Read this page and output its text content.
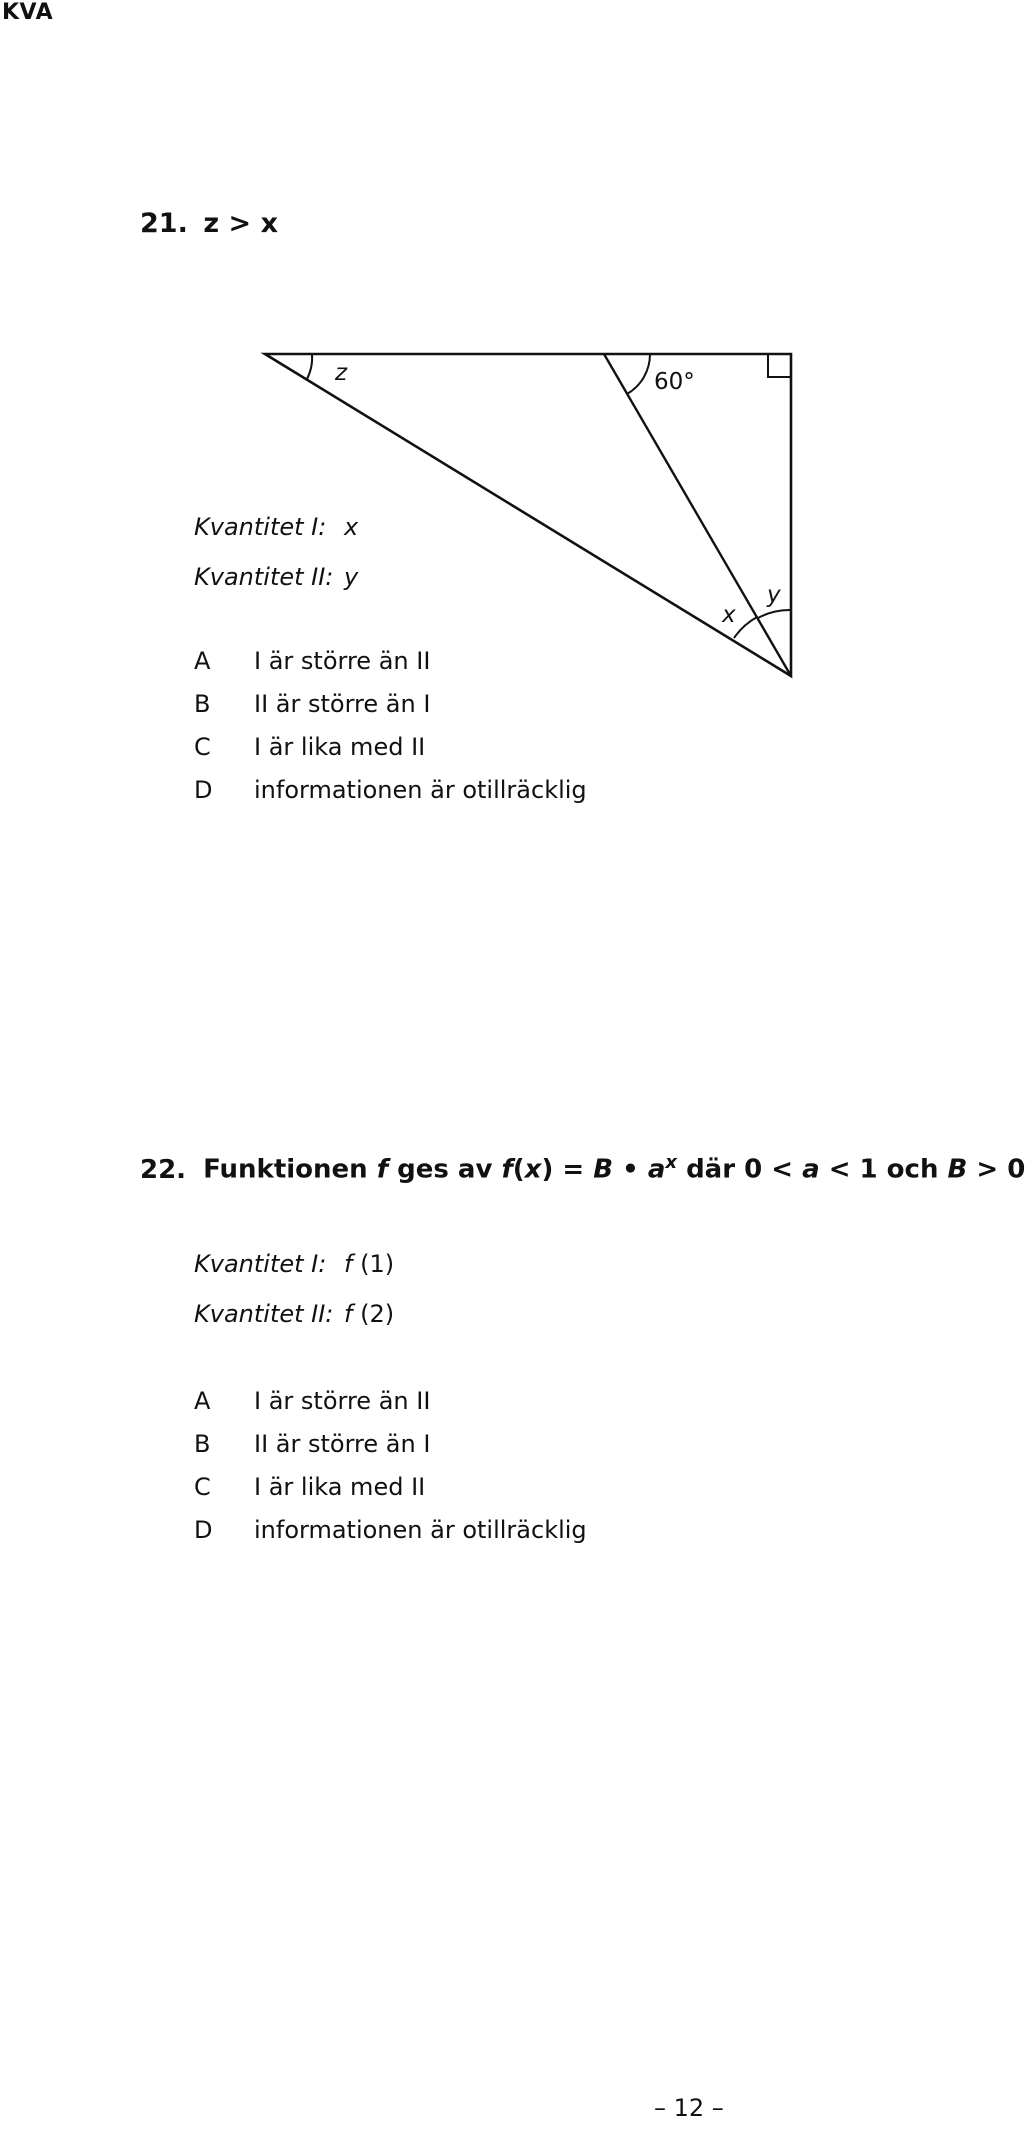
KVA
21. z > x
z	60°
x
y
Kvantitet I: x
Kvantitet II: y
A I är större än II
B II är större än I
C I är lika med II
D informationen är otillräcklig
22. Funktionen f ges av f(x) = B • $a^x$ där 0 < a < 1 och B > 0
Kvantitet I: f (1)
Kvantitet II: f (2)
A I är större än II
B II är större än I
C I är lika med II
D informationen är otillräcklig
– 12 –
